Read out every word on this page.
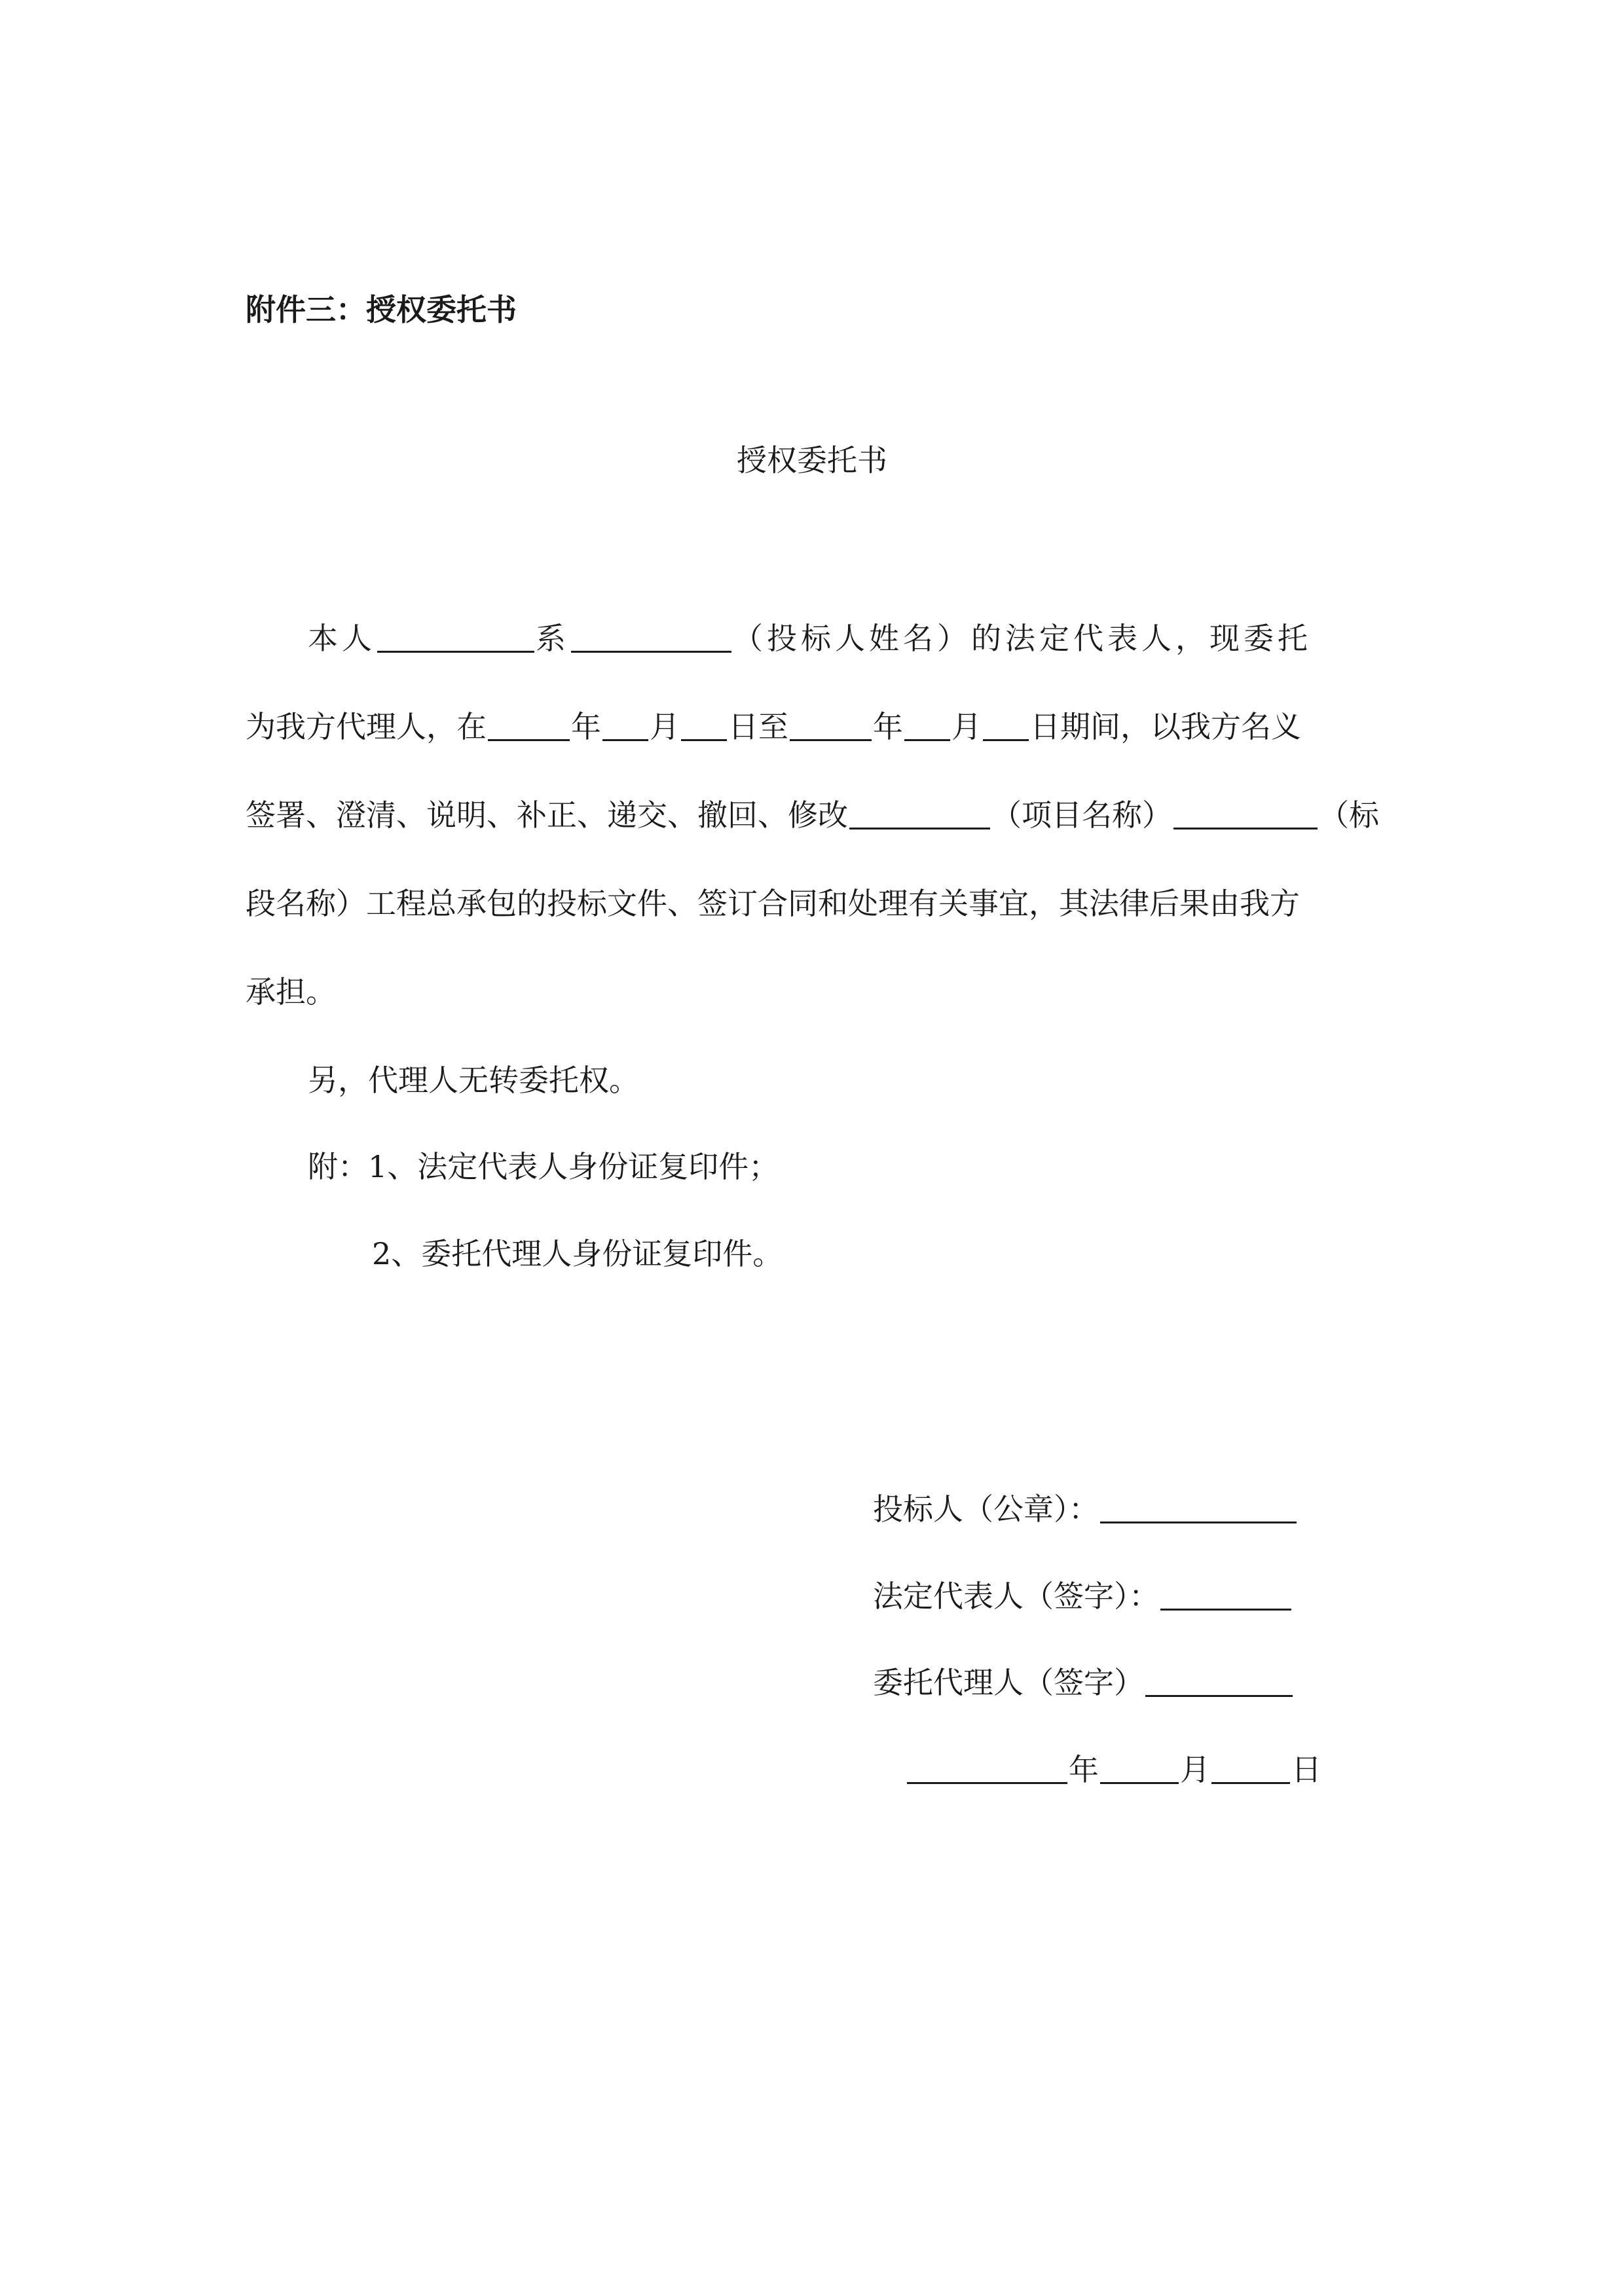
附件三：授权委托书
授权委托书
本人	系	（投标人姓名）的法定代表人，现委托
为我方代理人，在	年 月 日至	年 月 日期间，以我方名义
签署、澄清、说明、补正、递交、撤回、修改	（项目名称）	（标
段名称）工程总承包的投标文件、签订合同和处理有关事宜，其法律后果由我方
承担。
另，代理人无转委托权。
附：1、法定代表人身份证复印件；
2、委托代理人身份证复印件。
投标人（公章）：
法定代表人（签字）：
委托代理人（签字）
年	月	日
